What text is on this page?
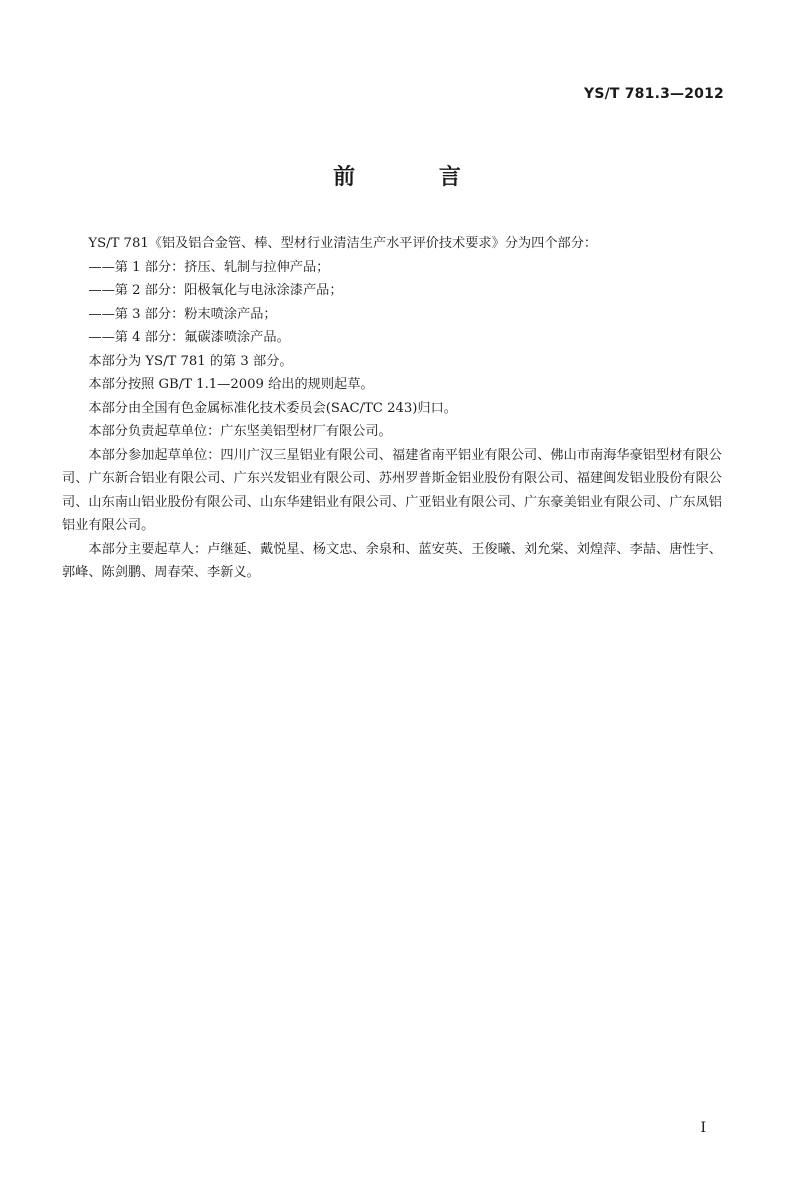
YS/T 781.3—2012
前 言

YS/T 781《铝及铝合金管、棒、型材行业清洁生产水平评价技术要求》分为四个部分：

——第 1 部分：挤压、轧制与拉伸产品；

——第 2 部分：阳极氧化与电泳涂漆产品；

——第 3 部分：粉末喷涂产品；

——第 4 部分：氟碳漆喷涂产品。

本部分为 YS/T 781 的第 3 部分。

本部分按照 GB/T 1.1—2009 给出的规则起草。

本部分由全国有色金属标准化技术委员会(SAC/TC 243)归口。

本部分负责起草单位：广东坚美铝型材厂有限公司。

本部分参加起草单位：四川广汉三星铝业有限公司、福建省南平铝业有限公司、佛山市南海华豪铝型材有限公司、广东新合铝业有限公司、广东兴发铝业有限公司、苏州罗普斯金铝业股份有限公司、福建闽发铝业股份有限公司、山东南山铝业股份有限公司、山东华建铝业有限公司、广亚铝业有限公司、广东豪美铝业有限公司、广东凤铝铝业有限公司。

本部分主要起草人：卢继延、戴悦星、杨文忠、余泉和、蓝安英、王俊曦、刘允棠、刘煌萍、李喆、唐性宇、郭峰、陈剑鹏、周春荣、李新义。

I
